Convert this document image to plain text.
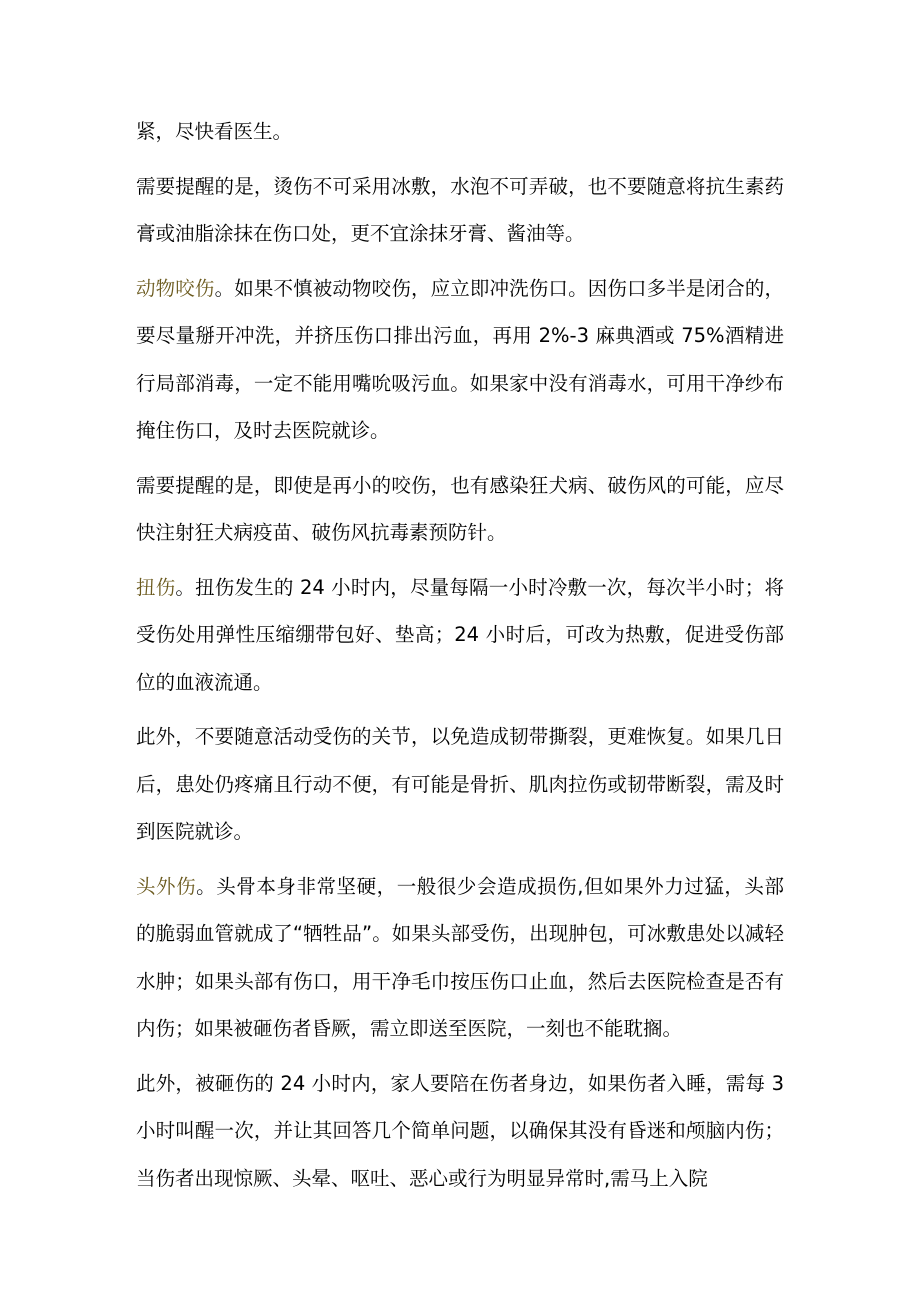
紧，尽快看医生。

需要提醒的是，烫伤不可采用冰敷，水泡不可弄破，也不要随意将抗生素药膏或油脂涂抹在伤口处，更不宜涂抹牙膏、酱油等。

动物咬伤。如果不慎被动物咬伤，应立即冲洗伤口。因伤口多半是闭合的，要尽量掰开冲洗，并挤压伤口排出污血，再用 2%-3 麻典酒或 75%酒精进行局部消毒，一定不能用嘴吮吸污血。如果家中没有消毒水，可用干净纱布掩住伤口，及时去医院就诊。

需要提醒的是，即使是再小的咬伤，也有感染狂犬病、破伤风的可能，应尽快注射狂犬病疫苗、破伤风抗毒素预防针。

扭伤。扭伤发生的 24 小时内，尽量每隔一小时冷敷一次，每次半小时；将受伤处用弹性压缩绷带包好、垫高；24 小时后，可改为热敷，促进受伤部位的血液流通。

此外，不要随意活动受伤的关节，以免造成韧带撕裂，更难恢复。如果几日后，患处仍疼痛且行动不便，有可能是骨折、肌肉拉伤或韧带断裂，需及时到医院就诊。

头外伤。头骨本身非常坚硬，一般很少会造成损伤,但如果外力过猛，头部的脆弱血管就成了“牺牲品”。如果头部受伤，出现肿包，可冰敷患处以减轻水肿；如果头部有伤口，用干净毛巾按压伤口止血，然后去医院检查是否有内伤；如果被砸伤者昏厥，需立即送至医院，一刻也不能耽搁。

此外，被砸伤的 24 小时内，家人要陪在伤者身边，如果伤者入睡，需每 3 小时叫醒一次，并让其回答几个简单问题，以确保其没有昏迷和颅脑内伤；当伤者出现惊厥、头晕、呕吐、恶心或行为明显异常时,需马上入院
